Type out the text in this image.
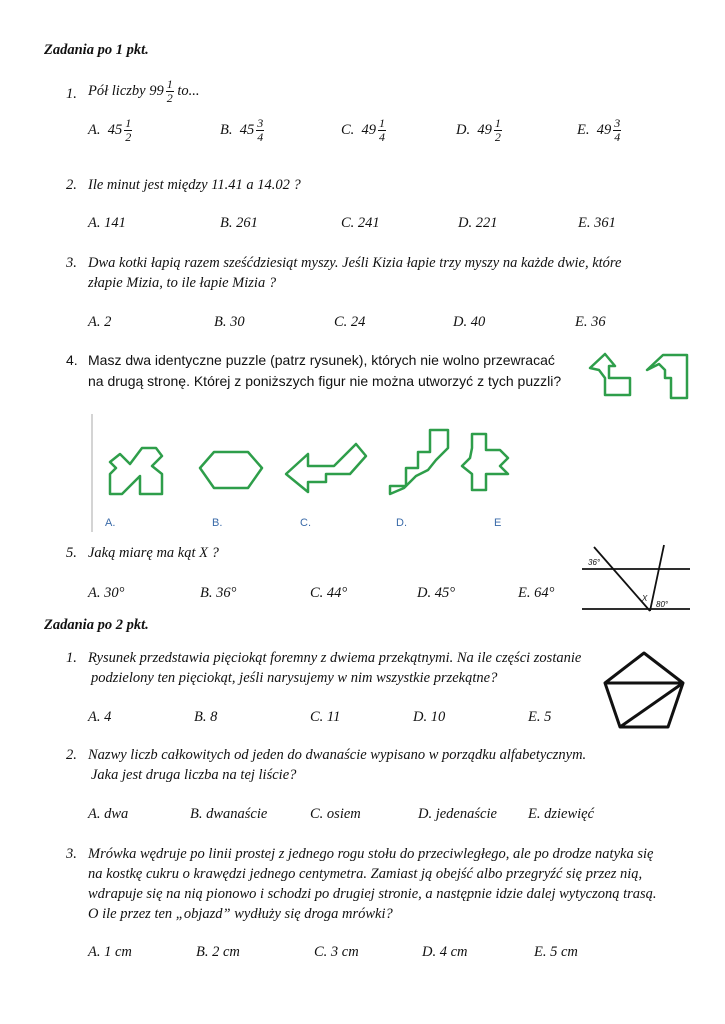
Zadania po 1 pkt.
1. Pół liczby $99 \frac{1}{2}$ to...
A. $45 \frac{1}{2}$	B. $45 \frac{3}{4}$	C. $49 \frac{1}{4}$	D. $49 \frac{1}{2}$	E. $49 \frac{3}{4}$
2. Ile minut jest między 11.41 a 14.02 ?
A. 141	B. 261	C. 241	D. 221	E. 361
3. Dwa kotki łapią razem sześćdziesiąt myszy. Jeśli Kizia łapie trzy myszy na każde dwie, które
złapie Mizia, to ile łapie Mizia ?
A. 2	B. 30	C. 24	D. 40	E. 36
4. Masz dwa identyczne puzzle (patrz rysunek), których nie wolno przewracać
na drugą stronę. Której z poniższych figur nie można utworzyć z tych puzzli?
A.	B.	C.	D.	E
5. Jaką miarę ma kąt X ?
A. 30°	B. 36°	C. 44°	D. 45°	E. 64°
36°
X
80°
Zadania po 2 pkt.
1. Rysunek przedstawia pięciokąt foremny z dwiema przekątnymi. Na ile części zostanie
podzielony ten pięciokąt, jeśli narysujemy w nim wszystkie przekątne?
A. 4	B. 8	C. 11	D. 10	E. 5
2. Nazwy liczb całkowitych od jeden do dwanaście wypisano w porządku alfabetycznym.
Jaka jest druga liczba na tej liście?
A. dwa	B. dwanaście	C. osiem	D. jedenaście E. dziewięć
3. Mrówka wędruje po linii prostej z jednego rogu stołu do przeciwległego, ale po drodze natyka się
na kostkę cukru o krawędzi jednego centymetra. Zamiast ją obejść albo przegryźć się przez nią,
wdrapuje się na nią pionowo i schodzi po drugiej stronie, a następnie idzie dalej wytyczoną trasą.
O ile przez ten „objazd” wydłuży się droga mrówki?
A. 1 cm	B. 2 cm	C. 3 cm	D. 4 cm	E. 5 cm
